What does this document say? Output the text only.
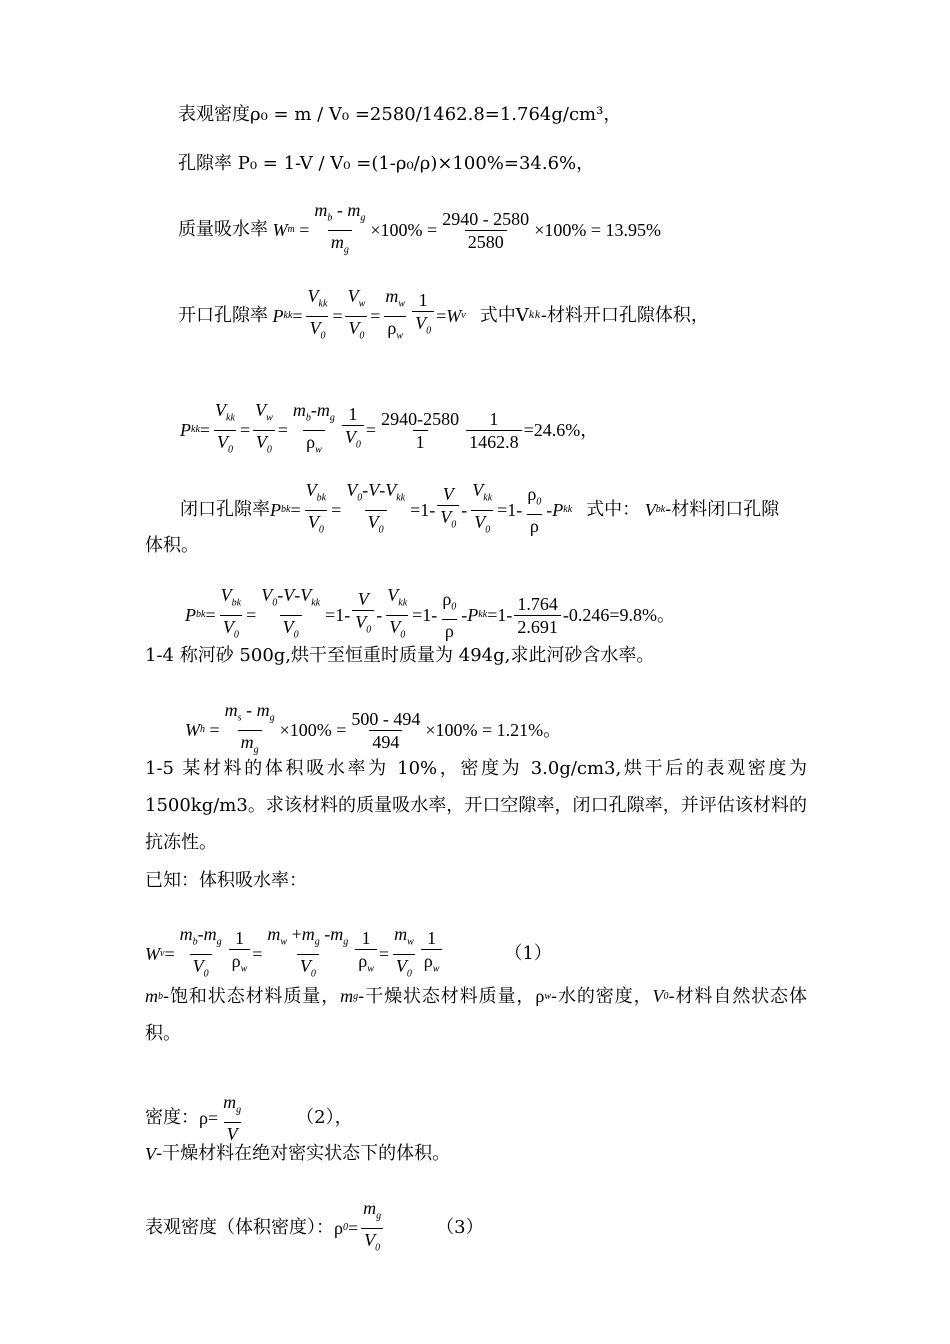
表观密度ρ₀ = m / V₀ =2580/1462.8=1.764g/cm³，
孔隙率 P₀ = 1-V / V₀ =(1-ρ₀/ρ)×100%=34.6%，
质量吸水率 W $m = \frac{m_b - m_g}{m_g} \times 100\% = \frac{2940 - 2580}{2580} \times 100\% = 13.95\%$
开口孔隙率 P kk = $\frac{V_{kk}}{V_0} = \frac{V_w}{V_0} = \frac{m_w}{\rho_w} \frac{1}{V_0} = W$ v 式中V kk -材料开口孔隙体积，
P kk = $\frac{V_{kk}}{V_0} = \frac{V_w}{V_0} = \frac{m_b-m_g}{\rho_w} \frac{1}{V_0} = \frac{2940-2580}{1} \frac{1}{1462.8} =24.6\%$，
闭口孔隙率 P bk = $\frac{V_{bk}}{V_0} = \frac{V_0-V-V_{kk}}{V_0} =1- \frac{V}{V_0} - \frac{V_{kk}}{V_0} =1- \frac{\rho_0}{\rho} - P$ kk 式中： V bk -材料闭口孔隙
体积。
P bk = $\frac{V_{bk}}{V_0} = \frac{V_0-V-V_{kk}}{V_0} =1- \frac{V}{V_0} - \frac{V_{kk}}{V_0} =1- \frac{\rho_0}{\rho} - P$ kk $=1- \frac{1.764}{2.691} -0.246=9.8\%$。
1-4 称河砂 500g,烘干至恒重时质量为 494g,求此河砂含水率。
W $h = \frac{m_s - m_g}{m_g} \times 100\% = \frac{500 - 494}{494} \times 100\% = 1.21\%$。
1-5 某材料的体积吸水率为 10%，密度为 3.0g/cm3,烘干后的表观密度为 1500kg/m3。求该材料的质量吸水率，开口空隙率，闭口孔隙率，并评估该材料的抗冻性。
已知：体积吸水率：
W $v = \frac{m_b-m_g}{V_0} \frac{1}{\rho_w} = \frac{m_w +m_g -m_g}{V_0} \frac{1}{\rho_w} = \frac{m_w}{V_0} \frac{1}{\rho_w}$	（1）
m b -饱和状态材料质量， m g -干燥状态材料质量，ρ w -水的密度， V 0 -材料自然状态体积。
密度： $\rho= \frac{m_g}{V}$	（2），
V -干燥材料在绝对密实状态下的体积。
表观密度（体积密度）： ρ $0 = \frac{m_g}{V_0}$	（3）
